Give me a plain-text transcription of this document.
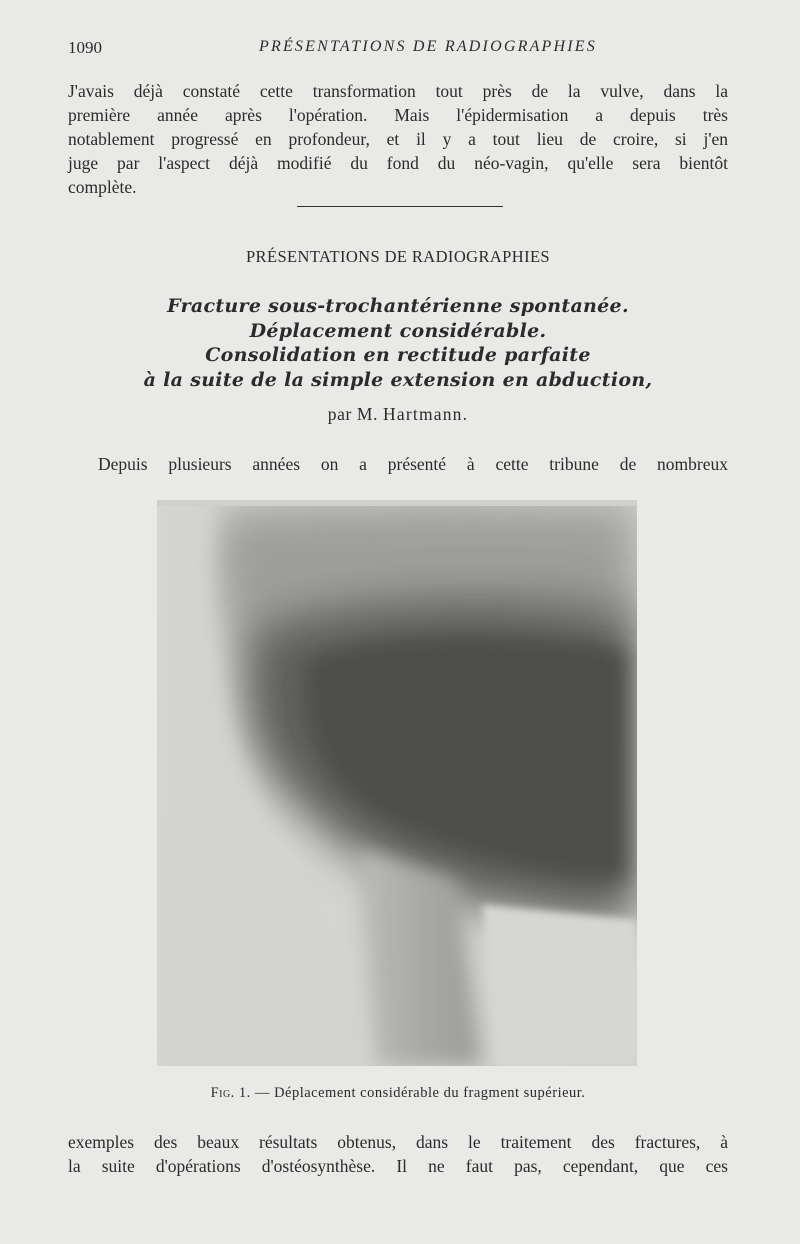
1090	PRÉSENTATIONS DE RADIOGRAPHIES
J'avais déjà constaté cette transformation tout près de la vulve, dans la
première année après l'opération. Mais l'épidermisation a depuis très
notablement progressé en profondeur, et il y a tout lieu de croire, si j'en
juge par l'aspect déjà modifié du fond du néo-vagin, qu'elle sera bientôt
complète.
PRÉSENTATIONS DE RADIOGRAPHIES
Fracture sous-trochantérienne spontanée.
Déplacement considérable.
Consolidation en rectitude parfaite
à la suite de la simple extension en abduction,
par M. Hartmann.
Depuis plusieurs années on a présenté à cette tribune de nombreux
Fig. 1. — Déplacement considérable du fragment supérieur.
exemples des beaux résultats obtenus, dans le traitement des fractures, à
la suite d'opérations d'ostéosynthèse. Il ne faut pas, cependant, que ces
